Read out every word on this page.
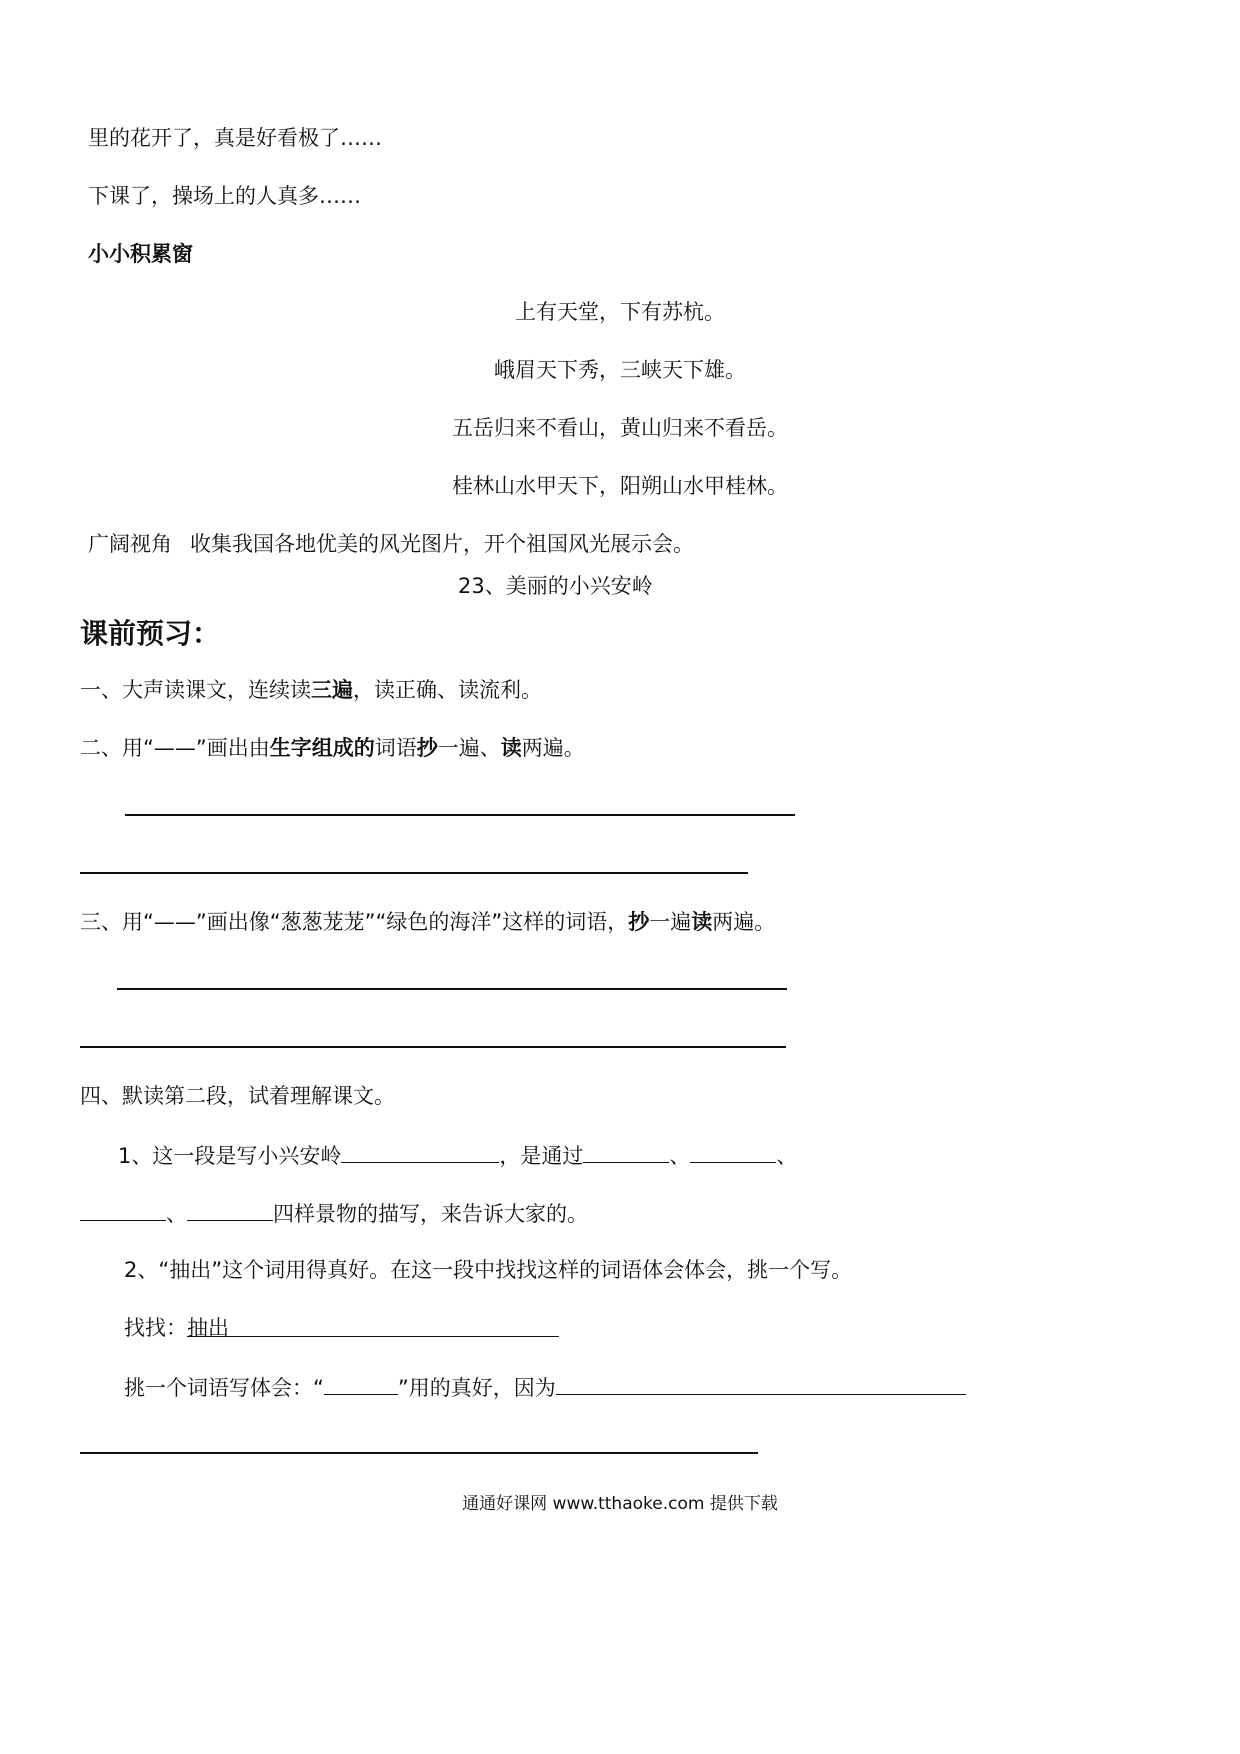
里的花开了，真是好看极了……
下课了，操场上的人真多……
小小积累窗
上有天堂，下有苏杭。
峨眉天下秀，三峡天下雄。
五岳归来不看山，黄山归来不看岳。
桂林山水甲天下，阳朔山水甲桂林。
广阔视角 收集我国各地优美的风光图片，开个祖国风光展示会。
23、美丽的小兴安岭
课前预习：
一、大声读课文，连续读三遍，读正确、读流利。
二、用“——”画出由生字组成的词语抄一遍、读两遍。
三、用“——”画出像“葱葱茏茏”“绿色的海洋”这样的词语，抄一遍读两遍。
四、默读第二段，试着理解课文。
1、这一段是写小兴安岭	，是通过	、	、
、	四样景物的描写，来告诉大家的。
2、“抽出”这个词用得真好。在这一段中找找这样的词语体会体会，挑一个写。
找找：抽出
挑一个词语写体会：“	”用的真好，因为
通通好课网 www.tthaoke.com 提供下载
